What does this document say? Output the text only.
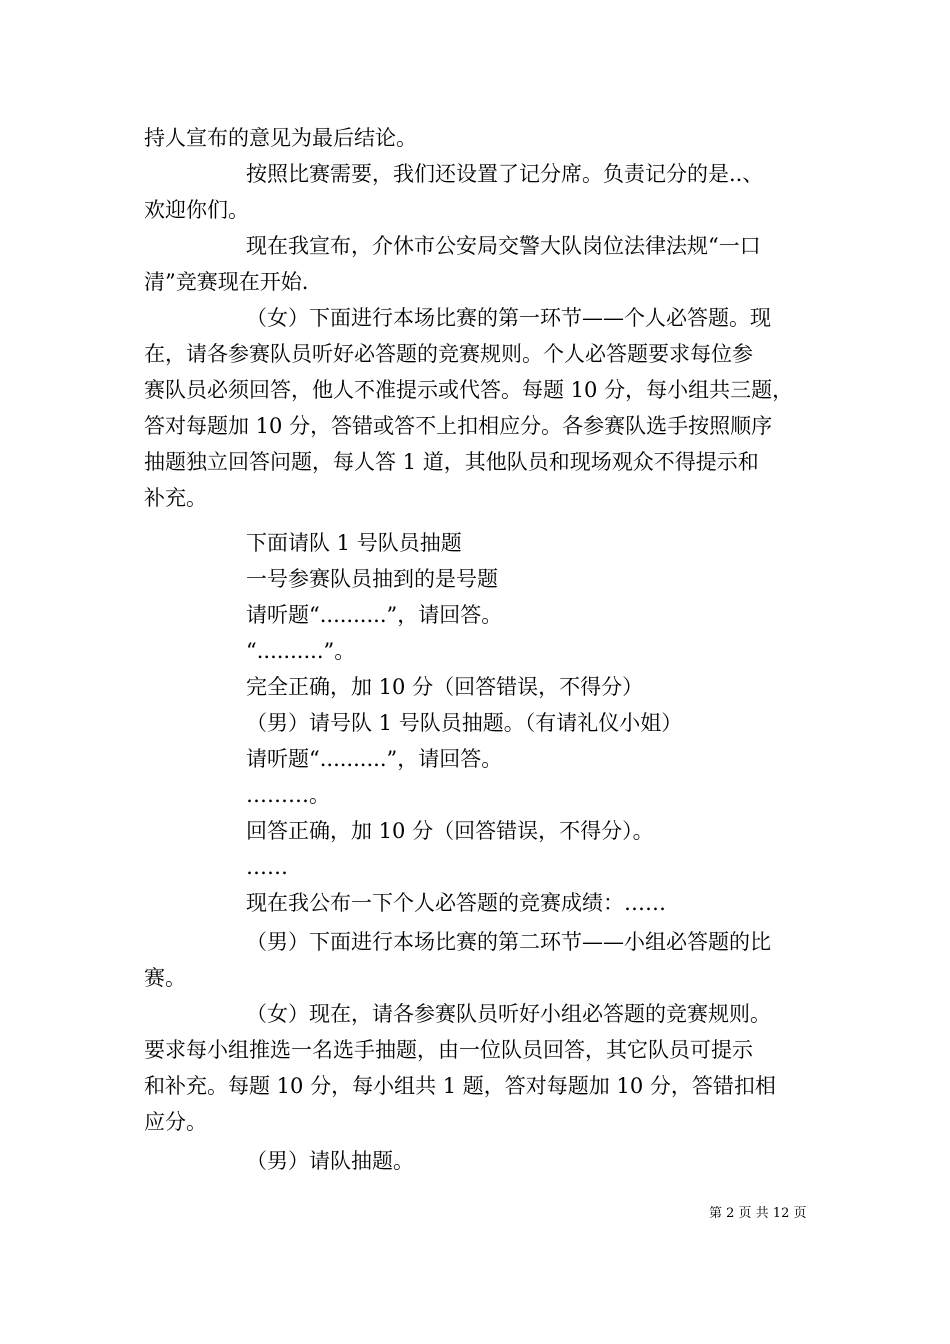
持人宣布的意见为最后结论。
按照比赛需要，我们还设置了记分席。负责记分的是..、
欢迎你们。
现在我宣布，介休市公安局交警大队岗位法律法规“一口
清”竞赛现在开始.
（女）下面进行本场比赛的第一环节——个人必答题。现
在，请各参赛队员听好必答题的竞赛规则。个人必答题要求每位参
赛队员必须回答，他人不准提示或代答。每题 10 分，每小组共三题，
答对每题加 10 分，答错或答不上扣相应分。各参赛队选手按照顺序
抽题独立回答问题，每人答 1 道，其他队员和现场观众不得提示和
补充。
下面请队 1 号队员抽题
一号参赛队员抽到的是号题
请听题“..........”，请回答。
“..........”。
完全正确，加 10 分（回答错误，不得分）
（男）请号队 1 号队员抽题。（有请礼仪小姐）
请听题“..........”，请回答。
………。
回答正确，加 10 分（回答错误，不得分）。
……
现在我公布一下个人必答题的竞赛成绩：……
（男）下面进行本场比赛的第二环节——小组必答题的比
赛。
（女）现在，请各参赛队员听好小组必答题的竞赛规则。
要求每小组推选一名选手抽题，由一位队员回答，其它队员可提示
和补充。每题 10 分，每小组共 1 题，答对每题加 10 分，答错扣相
应分。
（男）请队抽题。
第 2 页 共 12 页
